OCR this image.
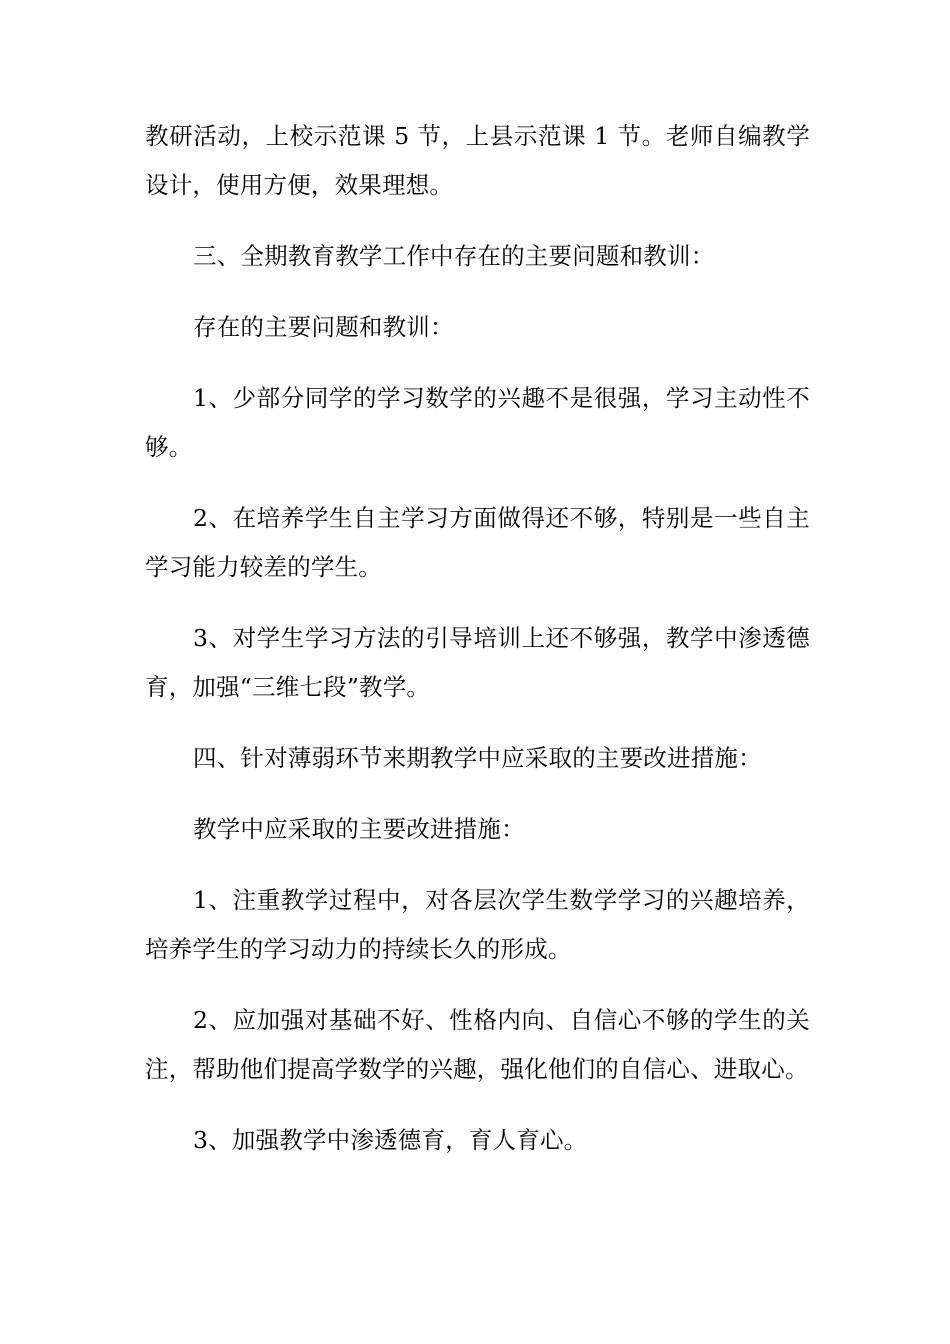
教研活动，上校示范课 5 节，上县示范课 1 节。老师自编教学设计，使用方便，效果理想。

三、全期教育教学工作中存在的主要问题和教训：

存在的主要问题和教训：

1、少部分同学的学习数学的兴趣不是很强，学习主动性不够。

2、在培养学生自主学习方面做得还不够，特别是一些自主学习能力较差的学生。

3、对学生学习方法的引导培训上还不够强，教学中渗透德育，加强“三维七段”教学。

四、针对薄弱环节来期教学中应采取的主要改进措施：

教学中应采取的主要改进措施：

1、注重教学过程中，对各层次学生数学学习的兴趣培养，培养学生的学习动力的持续长久的形成。

2、应加强对基础不好、性格内向、自信心不够的学生的关注，帮助他们提高学数学的兴趣，强化他们的自信心、进取心。

3、加强教学中渗透德育，育人育心。
